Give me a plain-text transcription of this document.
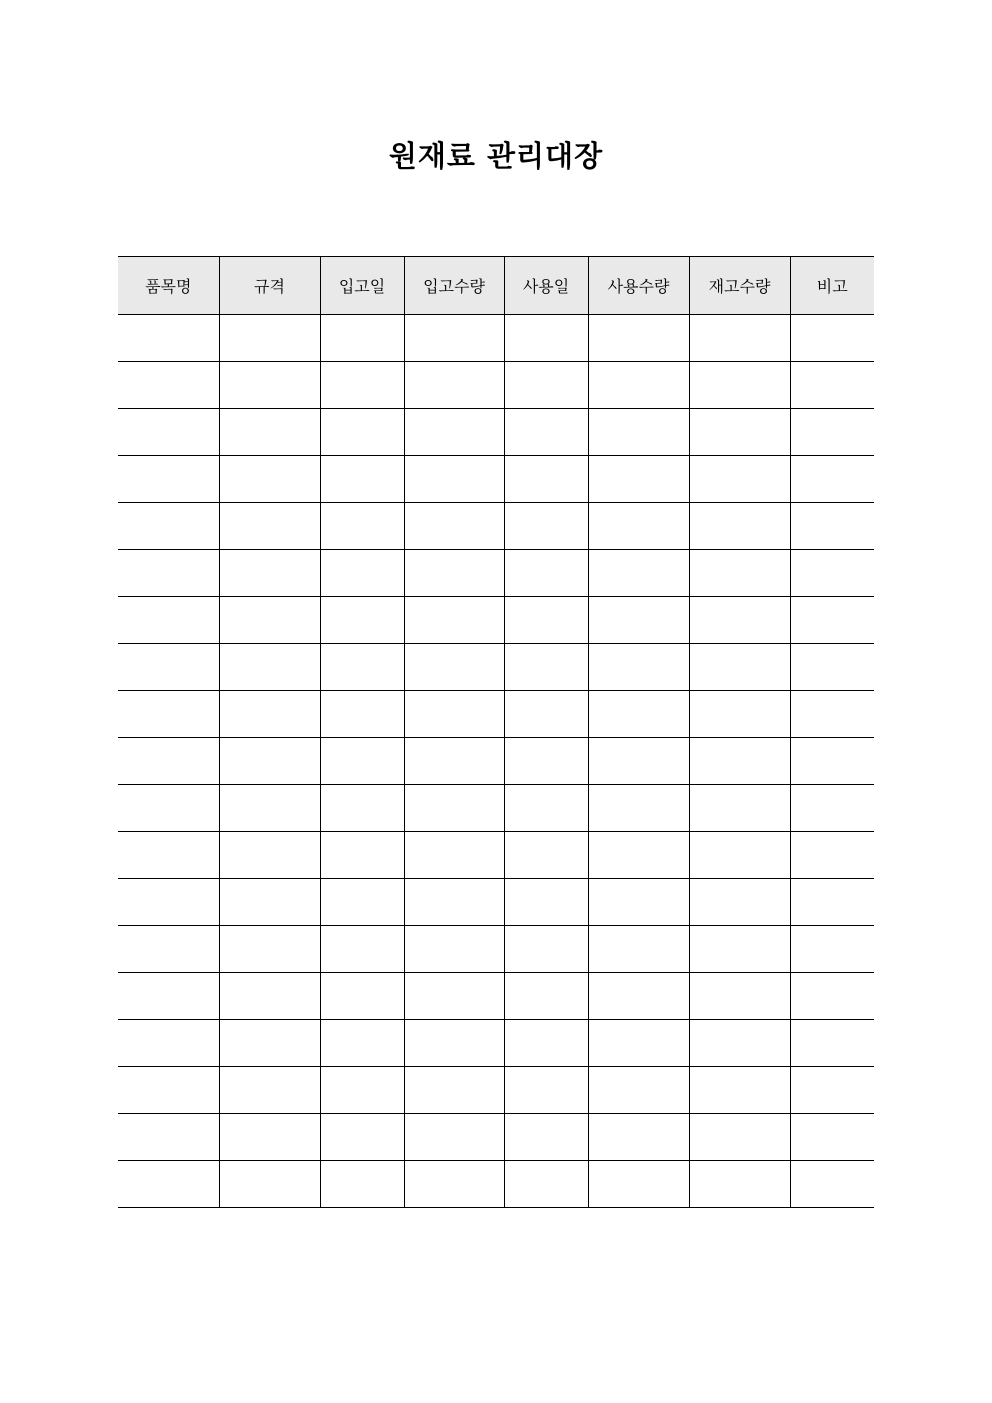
원재료 관리대장
품목명	규격	입고일	입고수량	사용일	사용수량	재고수량	비고
